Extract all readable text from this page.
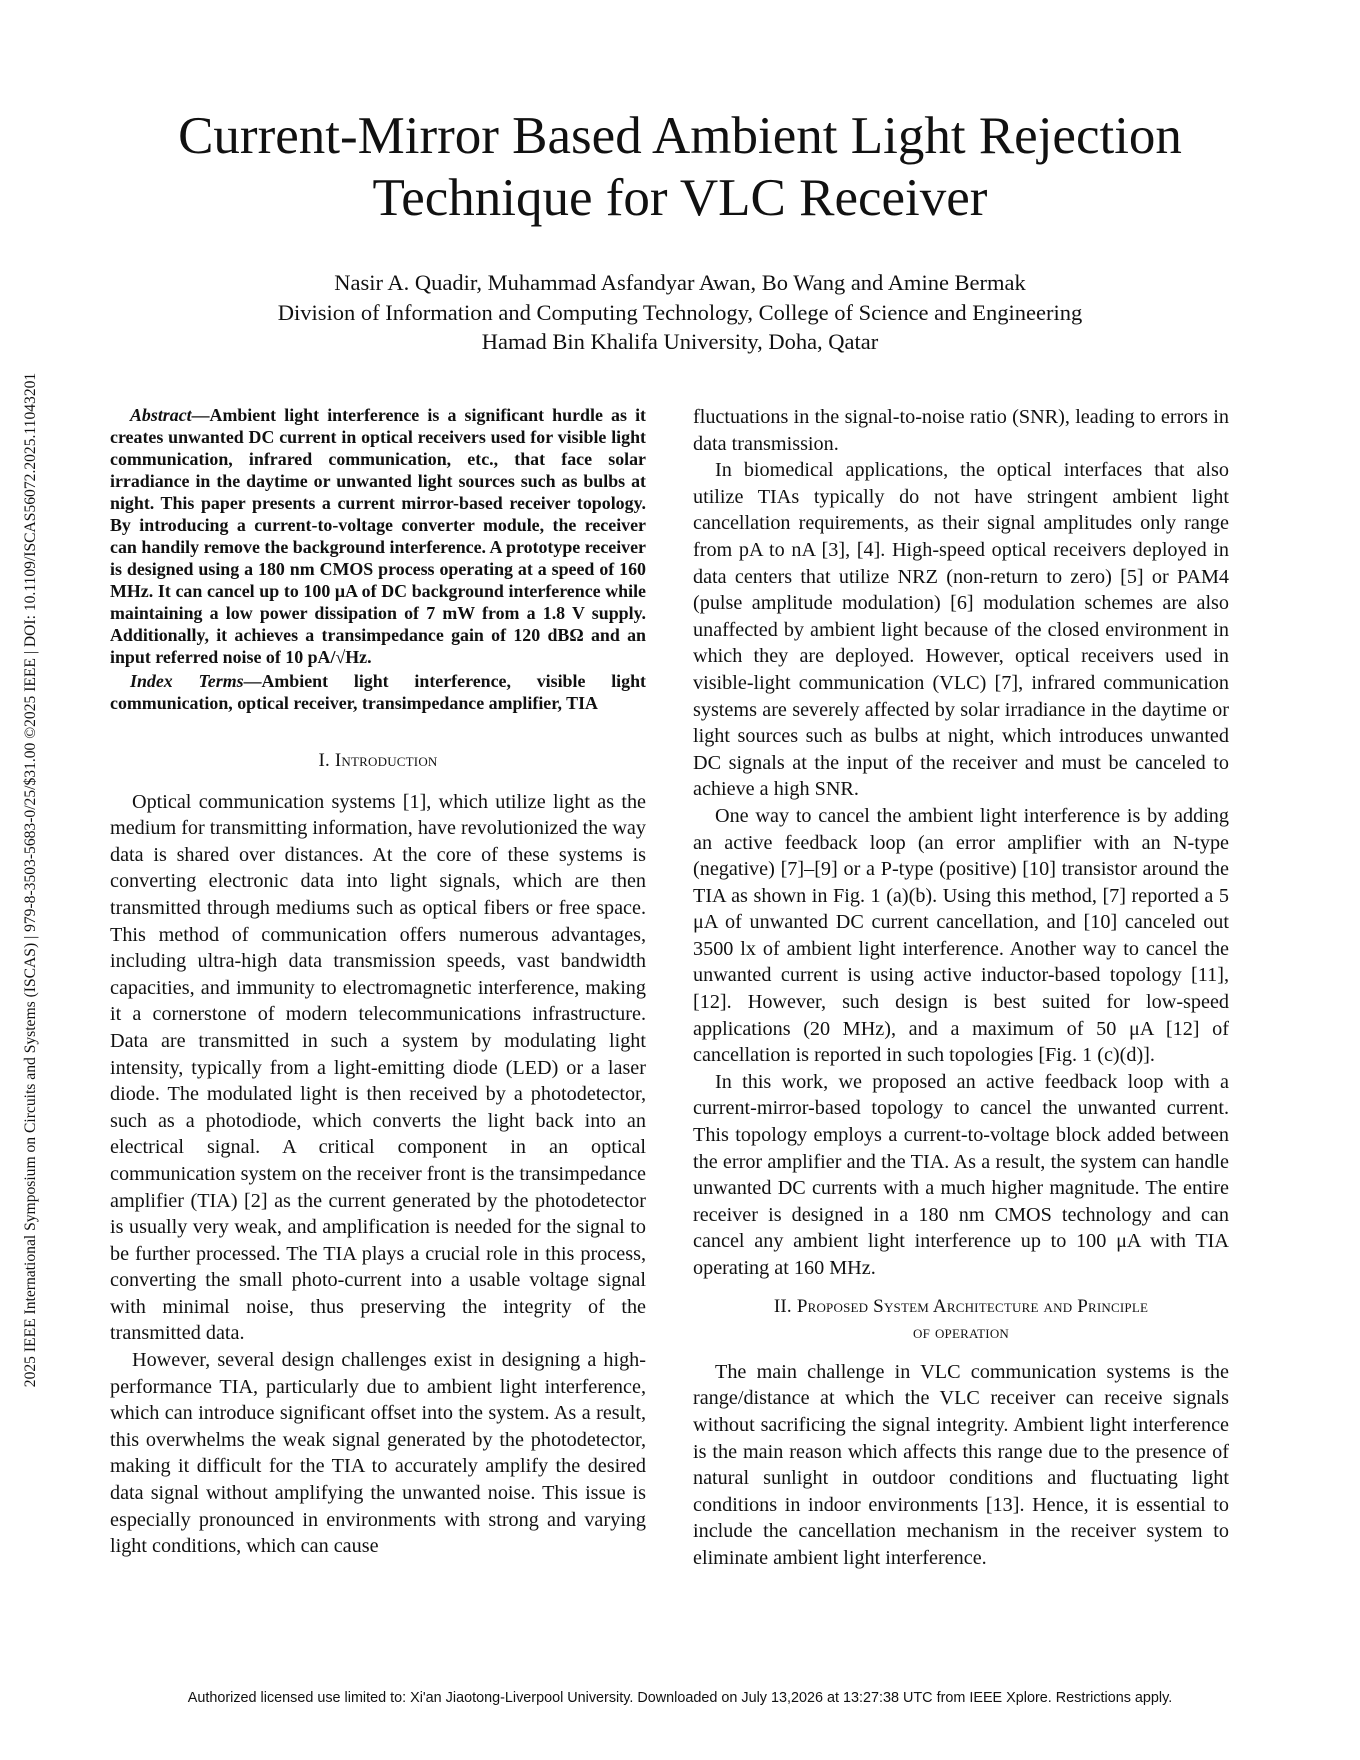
Current-Mirror Based Ambient Light Rejection
Technique for VLC Receiver
Nasir A. Quadir, Muhammad Asfandyar Awan, Bo Wang and Amine Bermak
Division of Information and Computing Technology, College of Science and Engineering
Hamad Bin Khalifa University, Doha, Qatar
2025 IEEE International Symposium on Circuits and Systems (ISCAS) | 979-8-3503-5683-0/25/$31.00 ©2025 IEEE | DOI: 10.1109/ISCAS56072.2025.11043201	Abstract—Ambient light interference is a significant hurdle as it creates unwanted DC current in optical receivers used for visible light communication, infrared communication, etc., that face solar irradiance in the daytime or unwanted light sources such as bulbs at night. This paper presents a current mirror-based receiver topology. By introducing a current-to-voltage converter module, the receiver can handily remove the background interference. A prototype receiver is designed using a 180 nm CMOS process operating at a speed of 160 MHz. It can cancel up to 100 μA of DC background interference while maintaining a low power dissipation of 7 mW from a 1.8 V supply. Additionally, it achieves a transimpedance gain of 120 dBΩ and an input referred noise of 10 pA/√Hz.

Index Terms—Ambient light interference, visible light communication, optical receiver, transimpedance amplifier, TIA

I. Introduction

Optical communication systems [1], which utilize light as the medium for transmitting information, have revolutionized the way data is shared over distances. At the core of these systems is converting electronic data into light signals, which are then transmitted through mediums such as optical fibers or free space. This method of communication offers numerous advantages, including ultra-high data transmission speeds, vast bandwidth capacities, and immunity to electromagnetic interference, making it a cornerstone of modern telecommunications infrastructure. Data are transmitted in such a system by modulating light intensity, typically from a light-emitting diode (LED) or a laser diode. The modulated light is then received by a photodetector, such as a photodiode, which converts the light back into an electrical signal. A critical component in an optical communication system on the receiver front is the transimpedance amplifier (TIA) [2] as the current generated by the photodetector is usually very weak, and amplification is needed for the signal to be further processed. The TIA plays a crucial role in this process, converting the small photo-current into a usable voltage signal with minimal noise, thus preserving the integrity of the transmitted data.

However, several design challenges exist in designing a high-performance TIA, particularly due to ambient light interference, which can introduce significant offset into the system. As a result, this overwhelms the weak signal generated by the photodetector, making it difficult for the TIA to accurately amplify the desired data signal without amplifying the unwanted noise. This issue is especially pronounced in environments with strong and varying light conditions, which can cause

fluctuations in the signal-to-noise ratio (SNR), leading to errors in data transmission.

In biomedical applications, the optical interfaces that also utilize TIAs typically do not have stringent ambient light cancellation requirements, as their signal amplitudes only range from pA to nA [3], [4]. High-speed optical receivers deployed in data centers that utilize NRZ (non-return to zero) [5] or PAM4 (pulse amplitude modulation) [6] modulation schemes are also unaffected by ambient light because of the closed environment in which they are deployed. However, optical receivers used in visible-light communication (VLC) [7], infrared communication systems are severely affected by solar irradiance in the daytime or light sources such as bulbs at night, which introduces unwanted DC signals at the input of the receiver and must be canceled to achieve a high SNR.

One way to cancel the ambient light interference is by adding an active feedback loop (an error amplifier with an N-type (negative) [7]–[9] or a P-type (positive) [10] transistor around the TIA as shown in Fig. 1 (a)(b). Using this method, [7] reported a 5 μA of unwanted DC current cancellation, and [10] canceled out 3500 lx of ambient light interference. Another way to cancel the unwanted current is using active inductor-based topology [11], [12]. However, such design is best suited for low-speed applications (20 MHz), and a maximum of 50 μA [12] of cancellation is reported in such topologies [Fig. 1 (c)(d)].

In this work, we proposed an active feedback loop with a current-mirror-based topology to cancel the unwanted current. This topology employs a current-to-voltage block added between the error amplifier and the TIA. As a result, the system can handle unwanted DC currents with a much higher magnitude. The entire receiver is designed in a 180 nm CMOS technology and can cancel any ambient light interference up to 100 μA with TIA operating at 160 MHz.

II. Proposed System Architecture and Principle
of operation

The main challenge in VLC communication systems is the range/distance at which the VLC receiver can receive signals without sacrificing the signal integrity. Ambient light interference is the main reason which affects this range due to the presence of natural sunlight in outdoor conditions and fluctuating light conditions in indoor environments [13]. Hence, it is essential to include the cancellation mechanism in the receiver system to eliminate ambient light interference.

Authorized licensed use limited to: Xi'an Jiaotong-Liverpool University. Downloaded on July 13,2026 at 13:27:38 UTC from IEEE Xplore. Restrictions apply.
